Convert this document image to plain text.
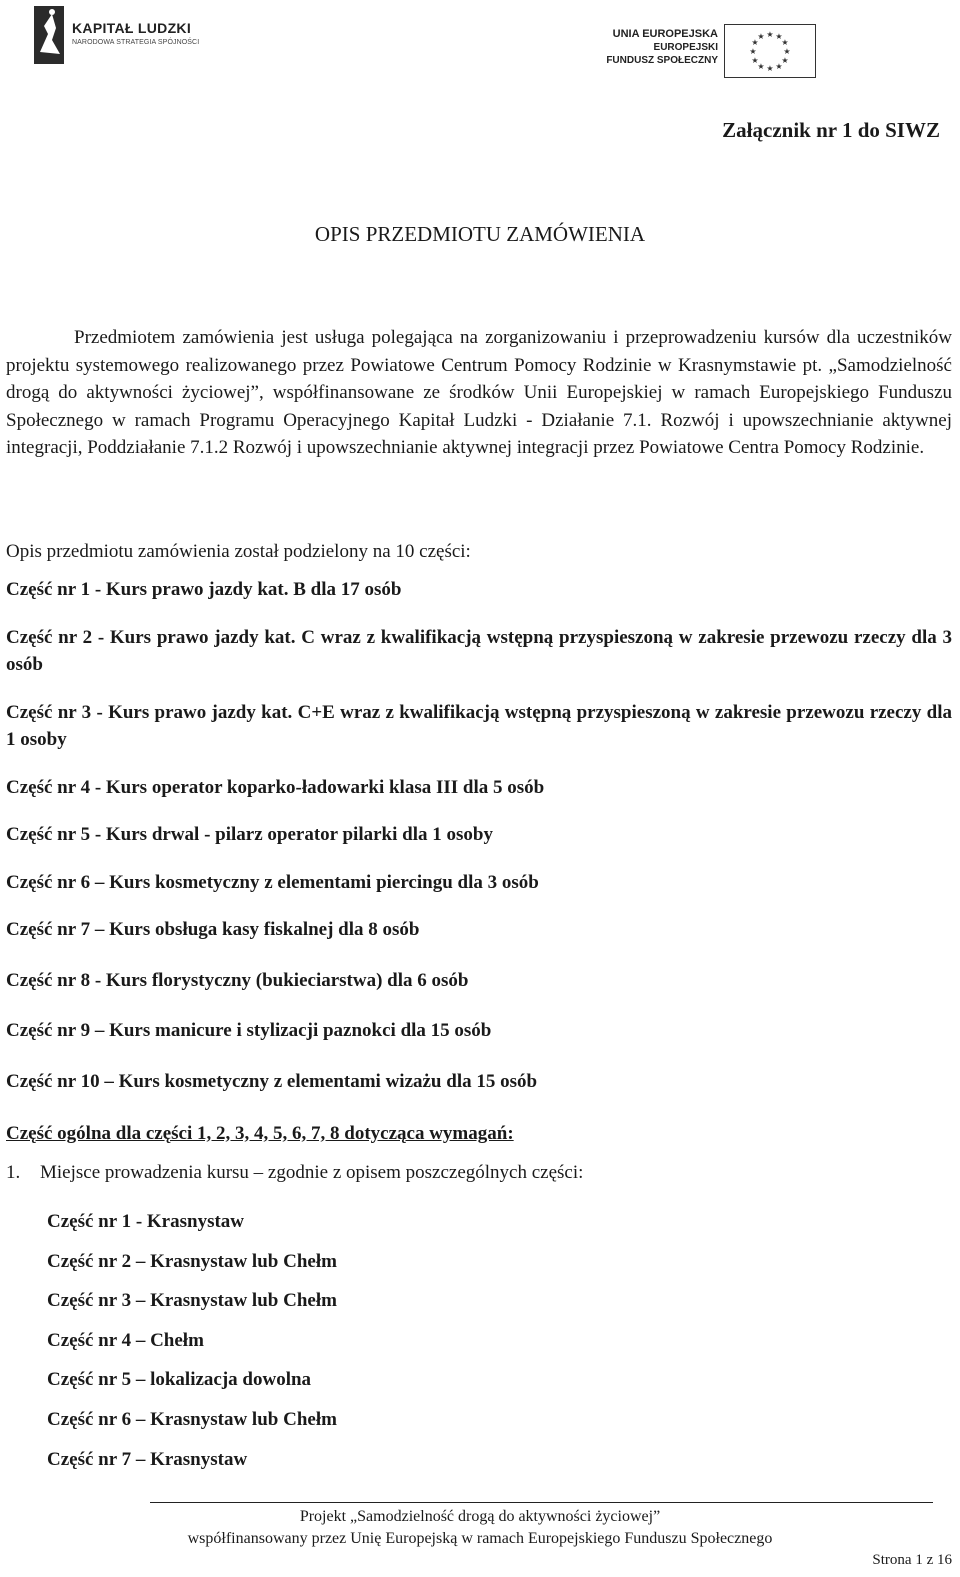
KAPITAŁ LUDZKI
NARODOWA STRATEGIA SPÓJNOŚCI
UNIA EUROPEJSKA
EUROPEJSKI
FUNDUSZ SPOŁECZNY
★ ★
★
★
★
★
★
★
★
★
★
★
Załącznik nr 1 do SIWZ
OPIS PRZEDMIOTU ZAMÓWIENIA
Przedmiotem zamówienia jest usługa polegająca na zorganizowaniu i przeprowadzeniu kursów dla uczestników projektu systemowego realizowanego przez Powiatowe Centrum Pomocy Rodzinie w Krasnymstawie pt. „Samodzielność drogą do aktywności życiowej”, współfinansowane ze środków Unii Europejskiej w ramach Europejskiego Funduszu Społecznego w ramach Programu Operacyjnego Kapitał Ludzki - Działanie 7.1. Rozwój i upowszechnianie aktywnej integracji, Poddziałanie 7.1.2 Rozwój i upowszechnianie aktywnej integracji przez Powiatowe Centra Pomocy Rodzinie.
Opis przedmiotu zamówienia został podzielony na 10 części:
Część nr 1 - Kurs prawo jazdy kat. B dla 17 osób
Część nr 2 - Kurs prawo jazdy kat. C wraz z kwalifikacją wstępną przyspieszoną w zakresie przewozu rzeczy dla 3 osób
Część nr 3 - Kurs prawo jazdy kat. C+E wraz z kwalifikacją wstępną przyspieszoną w zakresie przewozu rzeczy dla 1 osoby
Część nr 4 - Kurs operator koparko-ładowarki klasa III dla 5 osób
Część nr 5 - Kurs drwal - pilarz operator pilarki dla 1 osoby
Część nr 6 – Kurs kosmetyczny z elementami piercingu dla 3 osób
Część nr 7 – Kurs obsługa kasy fiskalnej dla 8 osób
Część nr 8 - Kurs florystyczny (bukieciarstwa) dla 6 osób
Część nr 9 – Kurs manicure i stylizacji paznokci dla 15 osób
Część nr 10 – Kurs kosmetyczny z elementami wizażu dla 15 osób
Część ogólna dla części 1, 2, 3, 4, 5, 6, 7, 8 dotycząca wymagań:
1. Miejsce prowadzenia kursu – zgodnie z opisem poszczególnych części:
Część nr 1 - Krasnystaw
Część nr 2 – Krasnystaw lub Chełm
Część nr 3 – Krasnystaw lub Chełm
Część nr 4 – Chełm
Część nr 5 – lokalizacja dowolna
Część nr 6 – Krasnystaw lub Chełm
Część nr 7 – Krasnystaw
Projekt „Samodzielność drogą do aktywności życiowej”
współfinansowany przez Unię Europejską w ramach Europejskiego Funduszu Społecznego
Strona 1 z 16
